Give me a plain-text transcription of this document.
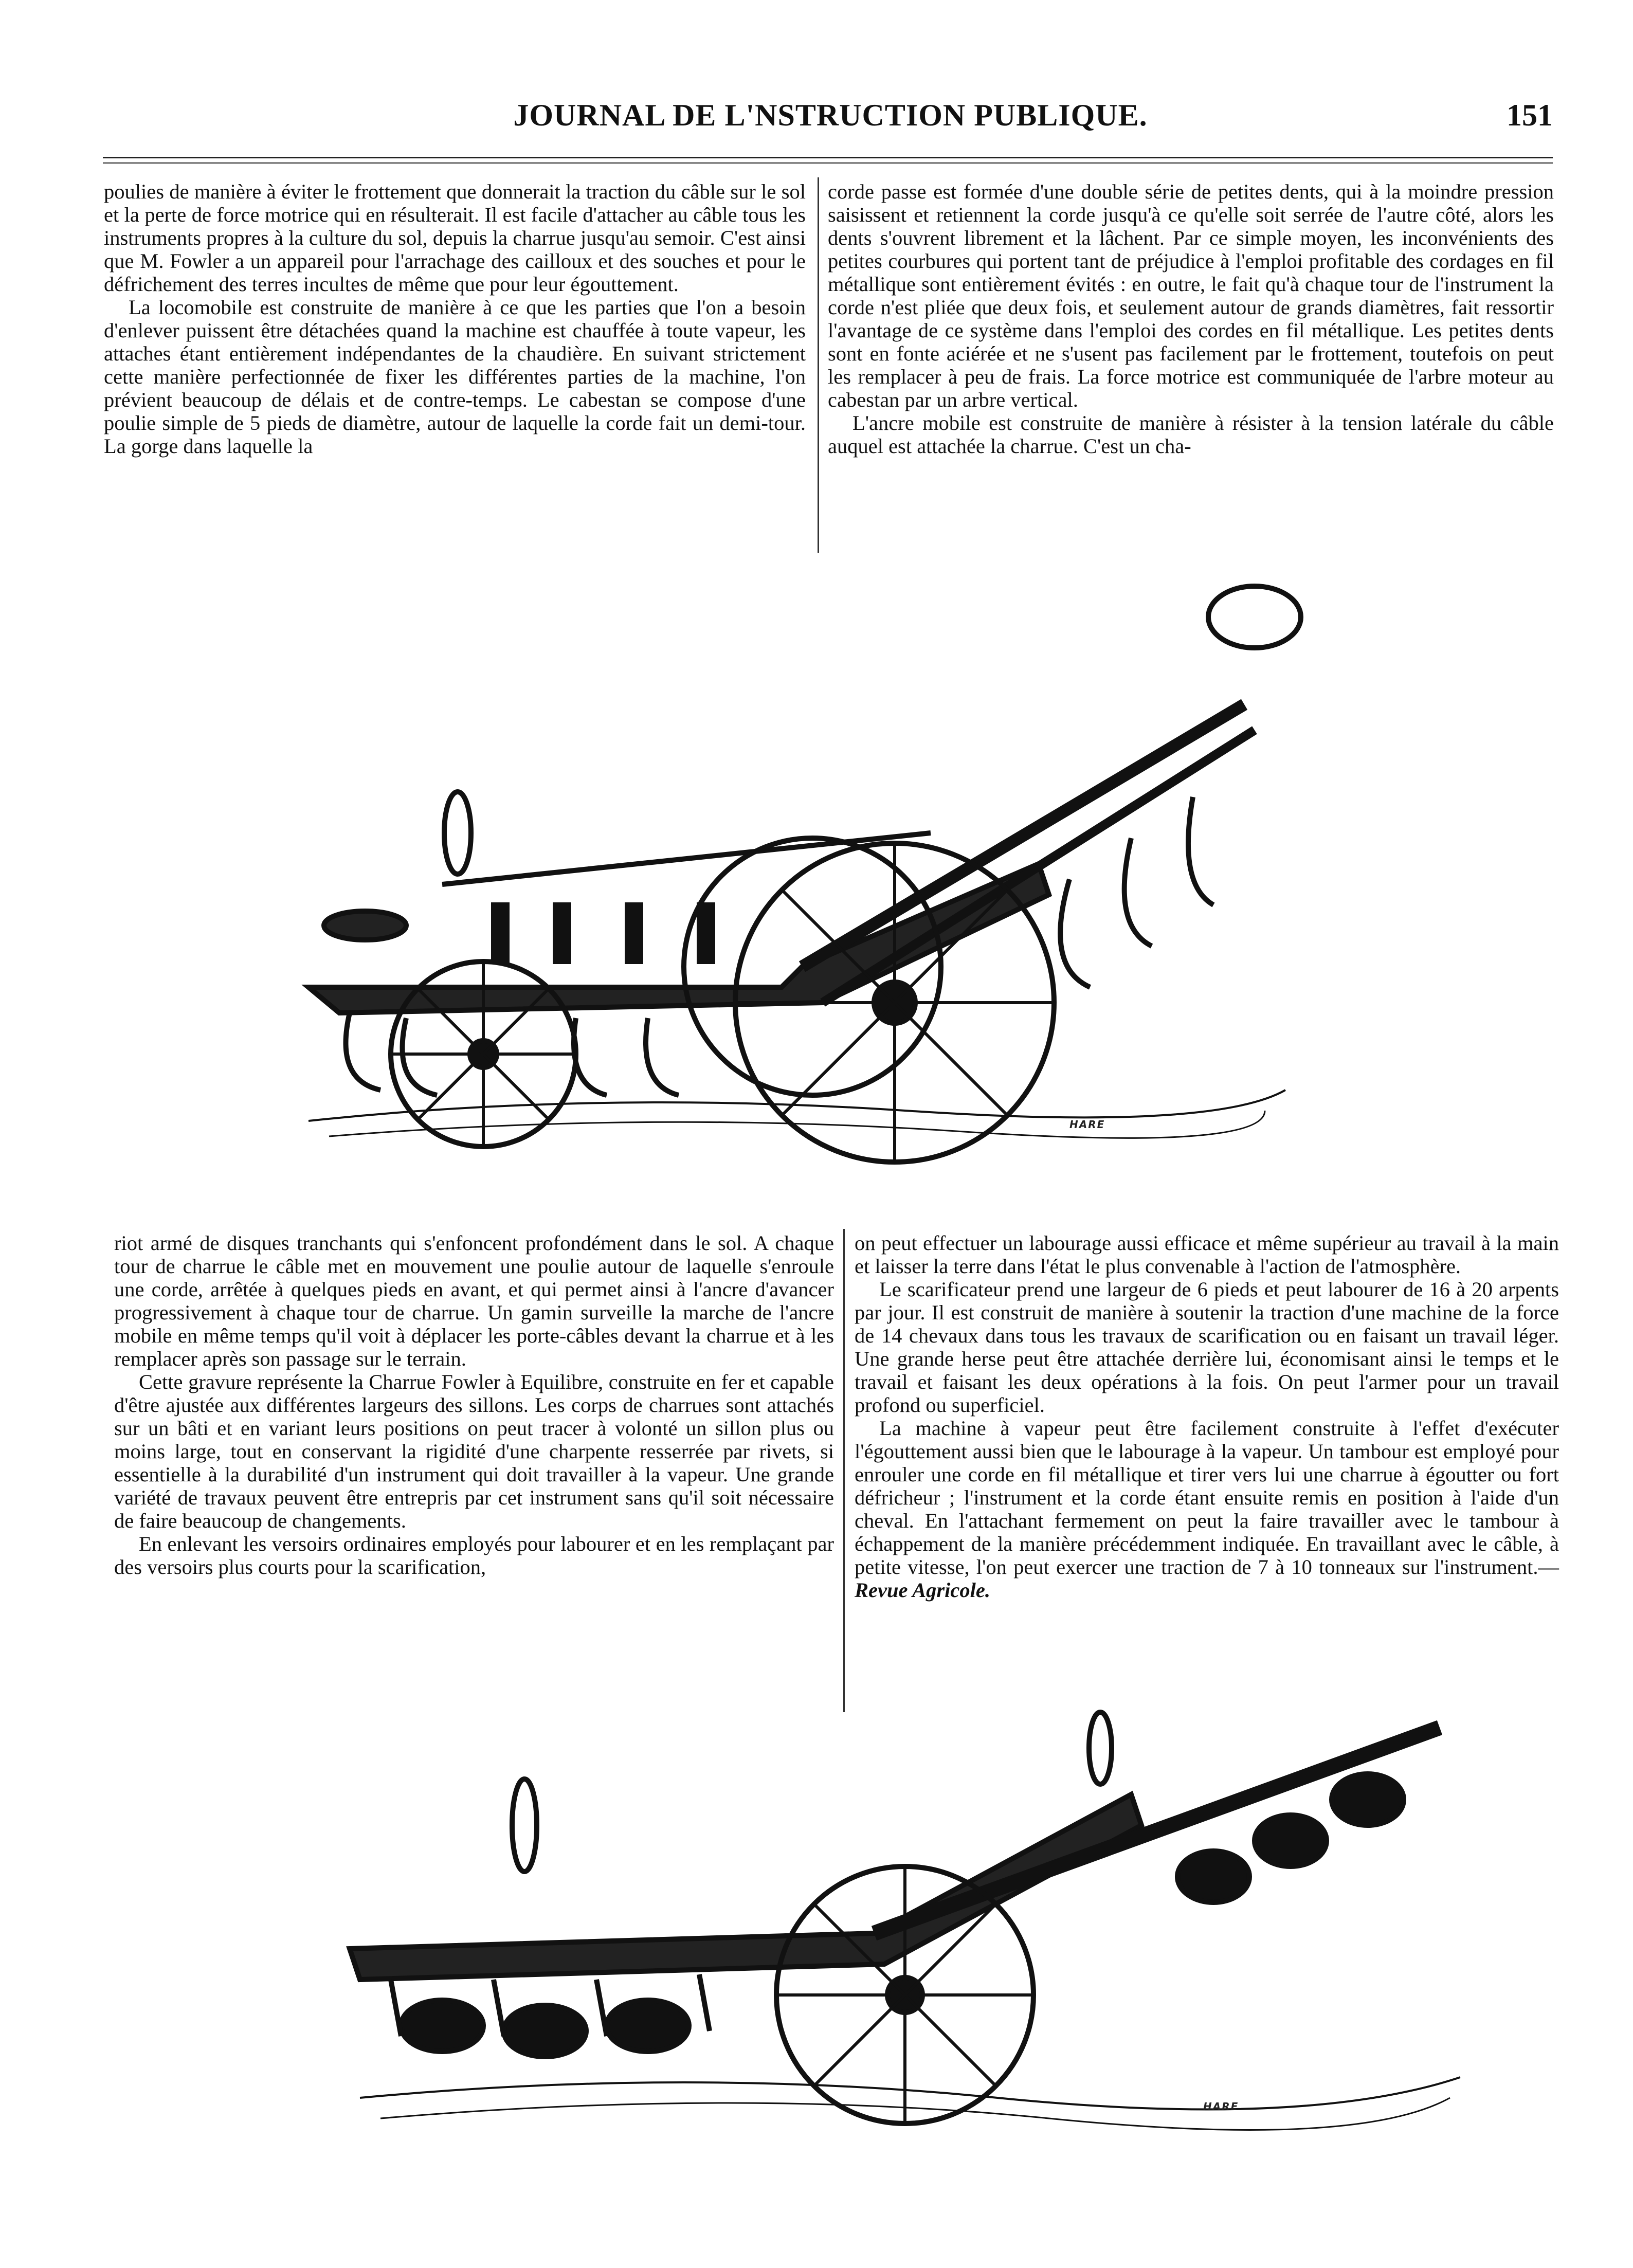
JOURNAL DE L'NSTRUCTION PUBLIQUE.	151

poulies de manière à éviter le frottement que donnerait la traction du câble sur le sol et la perte de force motrice qui en résulterait. Il est facile d'attacher au câble tous les instruments propres à la culture du sol, depuis la charrue jusqu'au semoir. C'est ainsi que M. Fowler a un appareil pour l'arrachage des cailloux et des souches et pour le défrichement des terres incultes de même que pour leur égouttement.

La locomobile est construite de manière à ce que les parties que l'on a besoin d'enlever puissent être détachées quand la machine est chauffée à toute vapeur, les attaches étant entièrement indépendantes de la chaudière. En suivant strictement cette manière perfectionnée de fixer les différentes parties de la machine, l'on prévient beaucoup de délais et de contre-temps. Le cabestan se compose d'une poulie simple de 5 pieds de diamètre, autour de laquelle la corde fait un demi-tour. La gorge dans laquelle la

corde passe est formée d'une double série de petites dents, qui à la moindre pression saisissent et retiennent la corde jusqu'à ce qu'elle soit serrée de l'autre côté, alors les dents s'ouvrent librement et la lâchent. Par ce simple moyen, les inconvénients des petites courbures qui portent tant de préjudice à l'emploi profitable des cordages en fil métallique sont entièrement évités : en outre, le fait qu'à chaque tour de l'instrument la corde n'est pliée que deux fois, et seulement autour de grands diamètres, fait ressortir l'avantage de ce système dans l'emploi des cordes en fil métallique. Les petites dents sont en fonte aciérée et ne s'usent pas facilement par le frottement, toutefois on peut les remplacer à peu de frais. La force motrice est communiquée de l'arbre moteur au cabestan par un arbre vertical.

L'ancre mobile est construite de manière à résister à la tension latérale du câble auquel est attachée la charrue. C'est un cha-

HARE

riot armé de disques tranchants qui s'enfoncent profondément dans le sol. A chaque tour de charrue le câble met en mouvement une poulie autour de laquelle s'enroule une corde, arrêtée à quelques pieds en avant, et qui permet ainsi à l'ancre d'avancer progressivement à chaque tour de charrue. Un gamin surveille la marche de l'ancre mobile en même temps qu'il voit à déplacer les porte-câbles devant la charrue et à les remplacer après son passage sur le terrain.

Cette gravure représente la Charrue Fowler à Equilibre, construite en fer et capable d'être ajustée aux différentes largeurs des sillons. Les corps de charrues sont attachés sur un bâti et en variant leurs positions on peut tracer à volonté un sillon plus ou moins large, tout en conservant la rigidité d'une charpente resserrée par rivets, si essentielle à la durabilité d'un instrument qui doit travailler à la vapeur. Une grande variété de travaux peuvent être entrepris par cet instrument sans qu'il soit nécessaire de faire beaucoup de changements.

En enlevant les versoirs ordinaires employés pour labourer et en les remplaçant par des versoirs plus courts pour la scarification,

on peut effectuer un labourage aussi efficace et même supérieur au travail à la main et laisser la terre dans l'état le plus convenable à l'action de l'atmosphère.

Le scarificateur prend une largeur de 6 pieds et peut labourer de 16 à 20 arpents par jour. Il est construit de manière à soutenir la traction d'une machine de la force de 14 chevaux dans tous les travaux de scarification ou en faisant un travail léger. Une grande herse peut être attachée derrière lui, économisant ainsi le temps et le travail et faisant les deux opérations à la fois. On peut l'armer pour un travail profond ou superficiel.

La machine à vapeur peut être facilement construite à l'effet d'exécuter l'égouttement aussi bien que le labourage à la vapeur. Un tambour est employé pour enrouler une corde en fil métallique et tirer vers lui une charrue à égoutter ou fort défricheur ; l'instrument et la corde étant ensuite remis en position à l'aide d'un cheval. En l'attachant fermement on peut la faire travailler avec le tambour à échappement de la manière précédemment indiquée. En travaillant avec le câble, à petite vitesse, l'on peut exercer une traction de 7 à 10 tonneaux sur l'instrument.—Revue Agricole.

HARE
